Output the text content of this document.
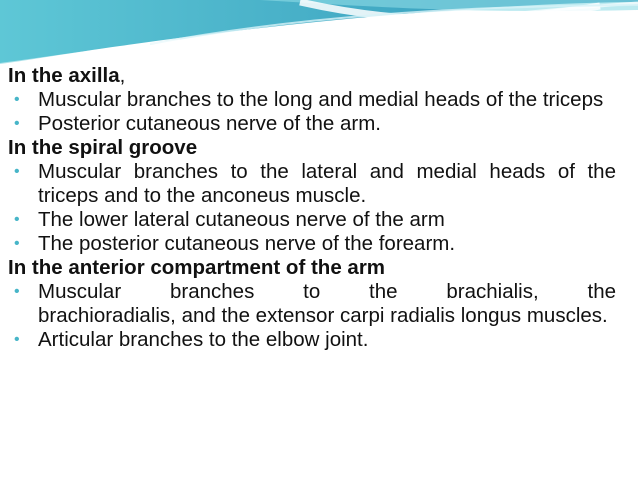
In the axilla,

• Muscular branches to the long and medial heads of the triceps

• Posterior cutaneous nerve of the arm.

In the spiral groove

• Muscular branches to the lateral and medial heads of the triceps and to the anconeus muscle.

• The lower lateral cutaneous nerve of the arm

• The posterior cutaneous nerve of the forearm.

In the anterior compartment of the arm

• Muscular branches to the brachialis, the

brachioradialis, and the extensor carpi radialis longus muscles.

• Articular branches to the elbow joint.
